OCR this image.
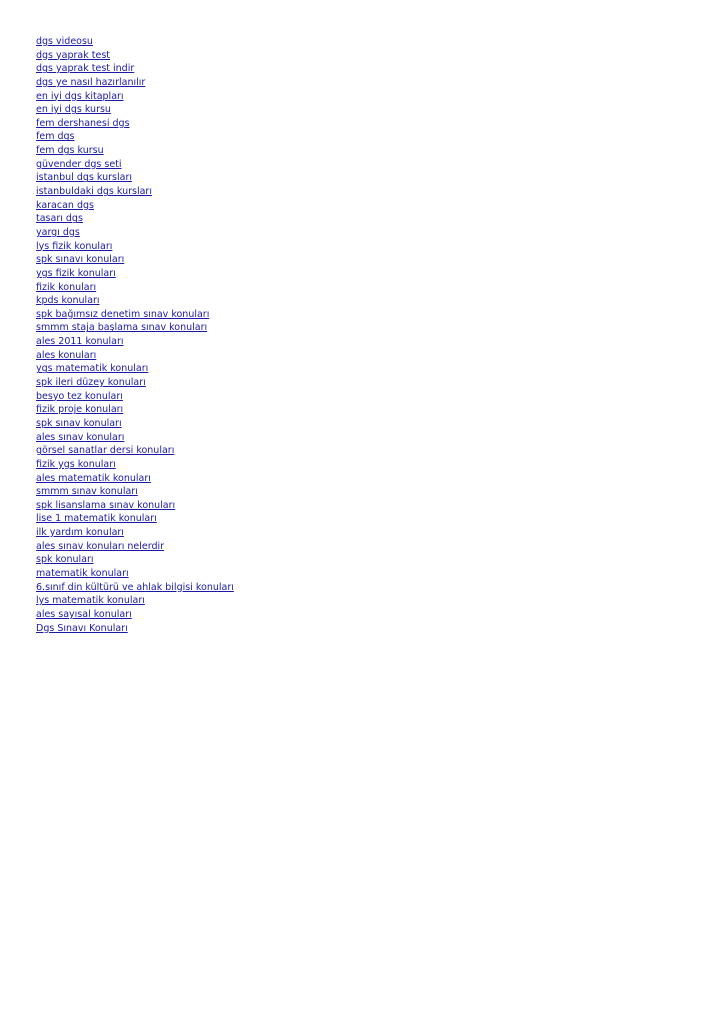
dgs videosu
dgs yaprak test
dgs yaprak test indir
dgs ye nasıl hazırlanılır
en iyi dgs kitapları
en iyi dgs kursu
fem dershanesi dgs
fem dgs
fem dgs kursu
güvender dgs seti
istanbul dgs kursları
istanbuldaki dgs kursları
karacan dgs
tasarı dgs
yargı dgs
lys fizik konuları
spk sınavı konuları
ygs fizik konuları
fizik konuları
kpds konuları
spk bağımsız denetim sınav konuları
smmm staja başlama sınav konuları
ales 2011 konuları
ales konuları
ygs matematik konuları
spk ileri düzey konuları
besyo tez konuları
fizik proje konuları
spk sınav konuları
ales sınav konuları
görsel sanatlar dersi konuları
fizik ygs konuları
ales matematik konuları
smmm sınav konuları
spk lisanslama sınav konuları
lise 1 matematik konuları
ilk yardım konuları
ales sınav konuları nelerdir
spk konuları
matematik konuları
6.sınıf din kültürü ve ahlak bilgisi konuları
lys matematik konuları
ales sayısal konuları
Dgs Sınavı Konuları
